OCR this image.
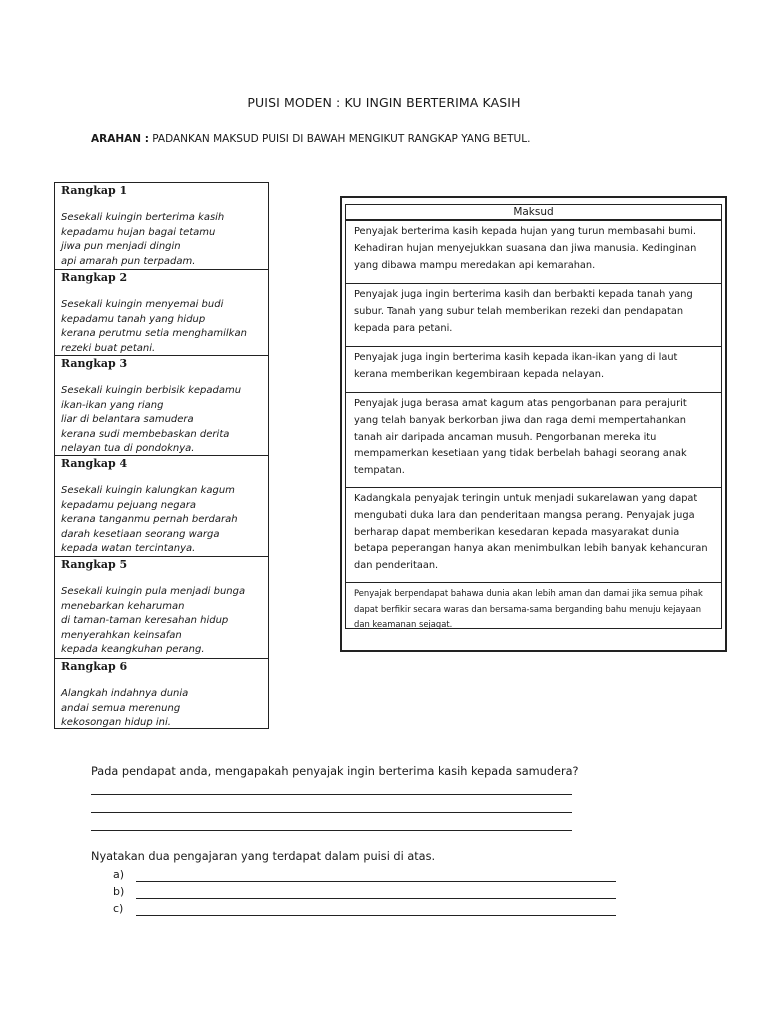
PUISI MODEN : KU INGIN BERTERIMA KASIH
ARAHAN : PADANKAN MAKSUD PUISI DI BAWAH MENGIKUT RANGKAP YANG BETUL.
Rangkap 1
Sesekali kuingin berterima kasih
kepadamu hujan bagai tetamu
jiwa pun menjadi dingin
api amarah pun terpadam.
Rangkap 2
Sesekali kuingin menyemai budi
kepadamu tanah yang hidup
kerana perutmu setia menghamilkan
rezeki buat petani.
Rangkap 3
Sesekali kuingin berbisik kepadamu
ikan-ikan yang riang
liar di belantara samudera
kerana sudi membebaskan derita
nelayan tua di pondoknya.
Rangkap 4
Sesekali kuingin kalungkan kagum
kepadamu pejuang negara
kerana tanganmu pernah berdarah
darah kesetiaan seorang warga
kepada watan tercintanya.
Rangkap 5
Sesekali kuingin pula menjadi bunga
menebarkan keharuman
di taman-taman keresahan hidup
menyerahkan keinsafan
kepada keangkuhan perang.
Rangkap 6
Alangkah indahnya dunia
andai semua merenung
kekosongan hidup ini.
Maksud
Penyajak berterima kasih kepada hujan yang turun membasahi bumi. Kehadiran hujan menyejukkan suasana dan jiwa manusia. Kedinginan yang dibawa mampu meredakan api kemarahan.
Penyajak juga ingin berterima kasih dan berbakti kepada tanah yang subur. Tanah yang subur telah memberikan rezeki dan pendapatan kepada para petani.
Penyajak juga ingin berterima kasih kepada ikan-ikan yang di laut kerana memberikan kegembiraan kepada nelayan.
Penyajak juga berasa amat kagum atas pengorbanan para perajurit yang telah banyak berkorban jiwa dan raga demi mempertahankan tanah air daripada ancaman musuh. Pengorbanan mereka itu mempamerkan kesetiaan yang tidak berbelah bahagi seorang anak tempatan.
Kadangkala penyajak teringin untuk menjadi sukarelawan yang dapat mengubati duka lara dan penderitaan mangsa perang. Penyajak juga berharap dapat memberikan kesedaran kepada masyarakat dunia betapa peperangan hanya akan menimbulkan lebih banyak kehancuran dan penderitaan.
Penyajak berpendapat bahawa dunia akan lebih aman dan damai jika semua pihak dapat berfikir secara waras dan bersama-sama berganding bahu menuju kejayaan dan keamanan sejagat.
Pada pendapat anda, mengapakah penyajak ingin berterima kasih kepada samudera?
Nyatakan dua pengajaran yang terdapat dalam puisi di atas.
a)
b)
c)
